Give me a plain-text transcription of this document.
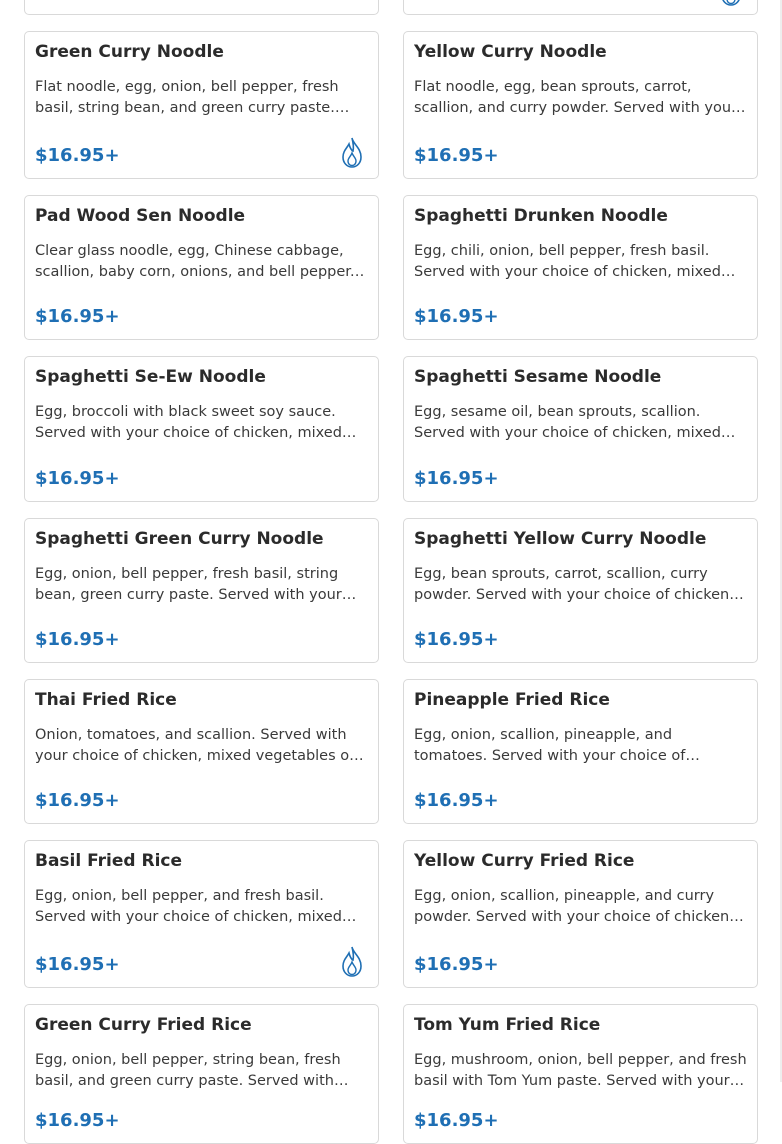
Green Curry Noodle
Flat noodle, egg, onion, bell pepper, fresh basil, string bean, and green curry paste.
$16.95+
Yellow Curry Noodle
Flat noodle, egg, bean sprouts, carrot, scallion, and curry powder. Served with your
$16.95+
Pad Wood Sen Noodle
Clear glass noodle, egg, Chinese cabbage, scallion, baby corn, onions, and bell pepper.
$16.95+
Spaghetti Drunken Noodle
Egg, chili, onion, bell pepper, fresh basil. Served with your choice of chicken, mixed
$16.95+
Spaghetti Se-Ew Noodle
Egg, broccoli with black sweet soy sauce. Served with your choice of chicken, mixed
$16.95+
Spaghetti Sesame Noodle
Egg, sesame oil, bean sprouts, scallion. Served with your choice of chicken, mixed
$16.95+
Spaghetti Green Curry Noodle
Egg, onion, bell pepper, fresh basil, string bean, green curry paste. Served with your
$16.95+
Spaghetti Yellow Curry Noodle
Egg, bean sprouts, carrot, scallion, curry powder. Served with your choice of chicken,
$16.95+
Thai Fried Rice
Onion, tomatoes, and scallion. Served with your choice of chicken, mixed vegetables or
$16.95+
Pineapple Fried Rice
Egg, onion, scallion, pineapple, and tomatoes. Served with your choice of
$16.95+
Basil Fried Rice
Egg, onion, bell pepper, and fresh basil. Served with your choice of chicken, mixed
$16.95+
Yellow Curry Fried Rice
Egg, onion, scallion, pineapple, and curry powder. Served with your choice of chicken,
$16.95+
Green Curry Fried Rice
Egg, onion, bell pepper, string bean, fresh basil, and green curry paste. Served with
$16.95+
Tom Yum Fried Rice
Egg, mushroom, onion, bell pepper, and fresh basil with Tom Yum paste. Served with your
$16.95+
